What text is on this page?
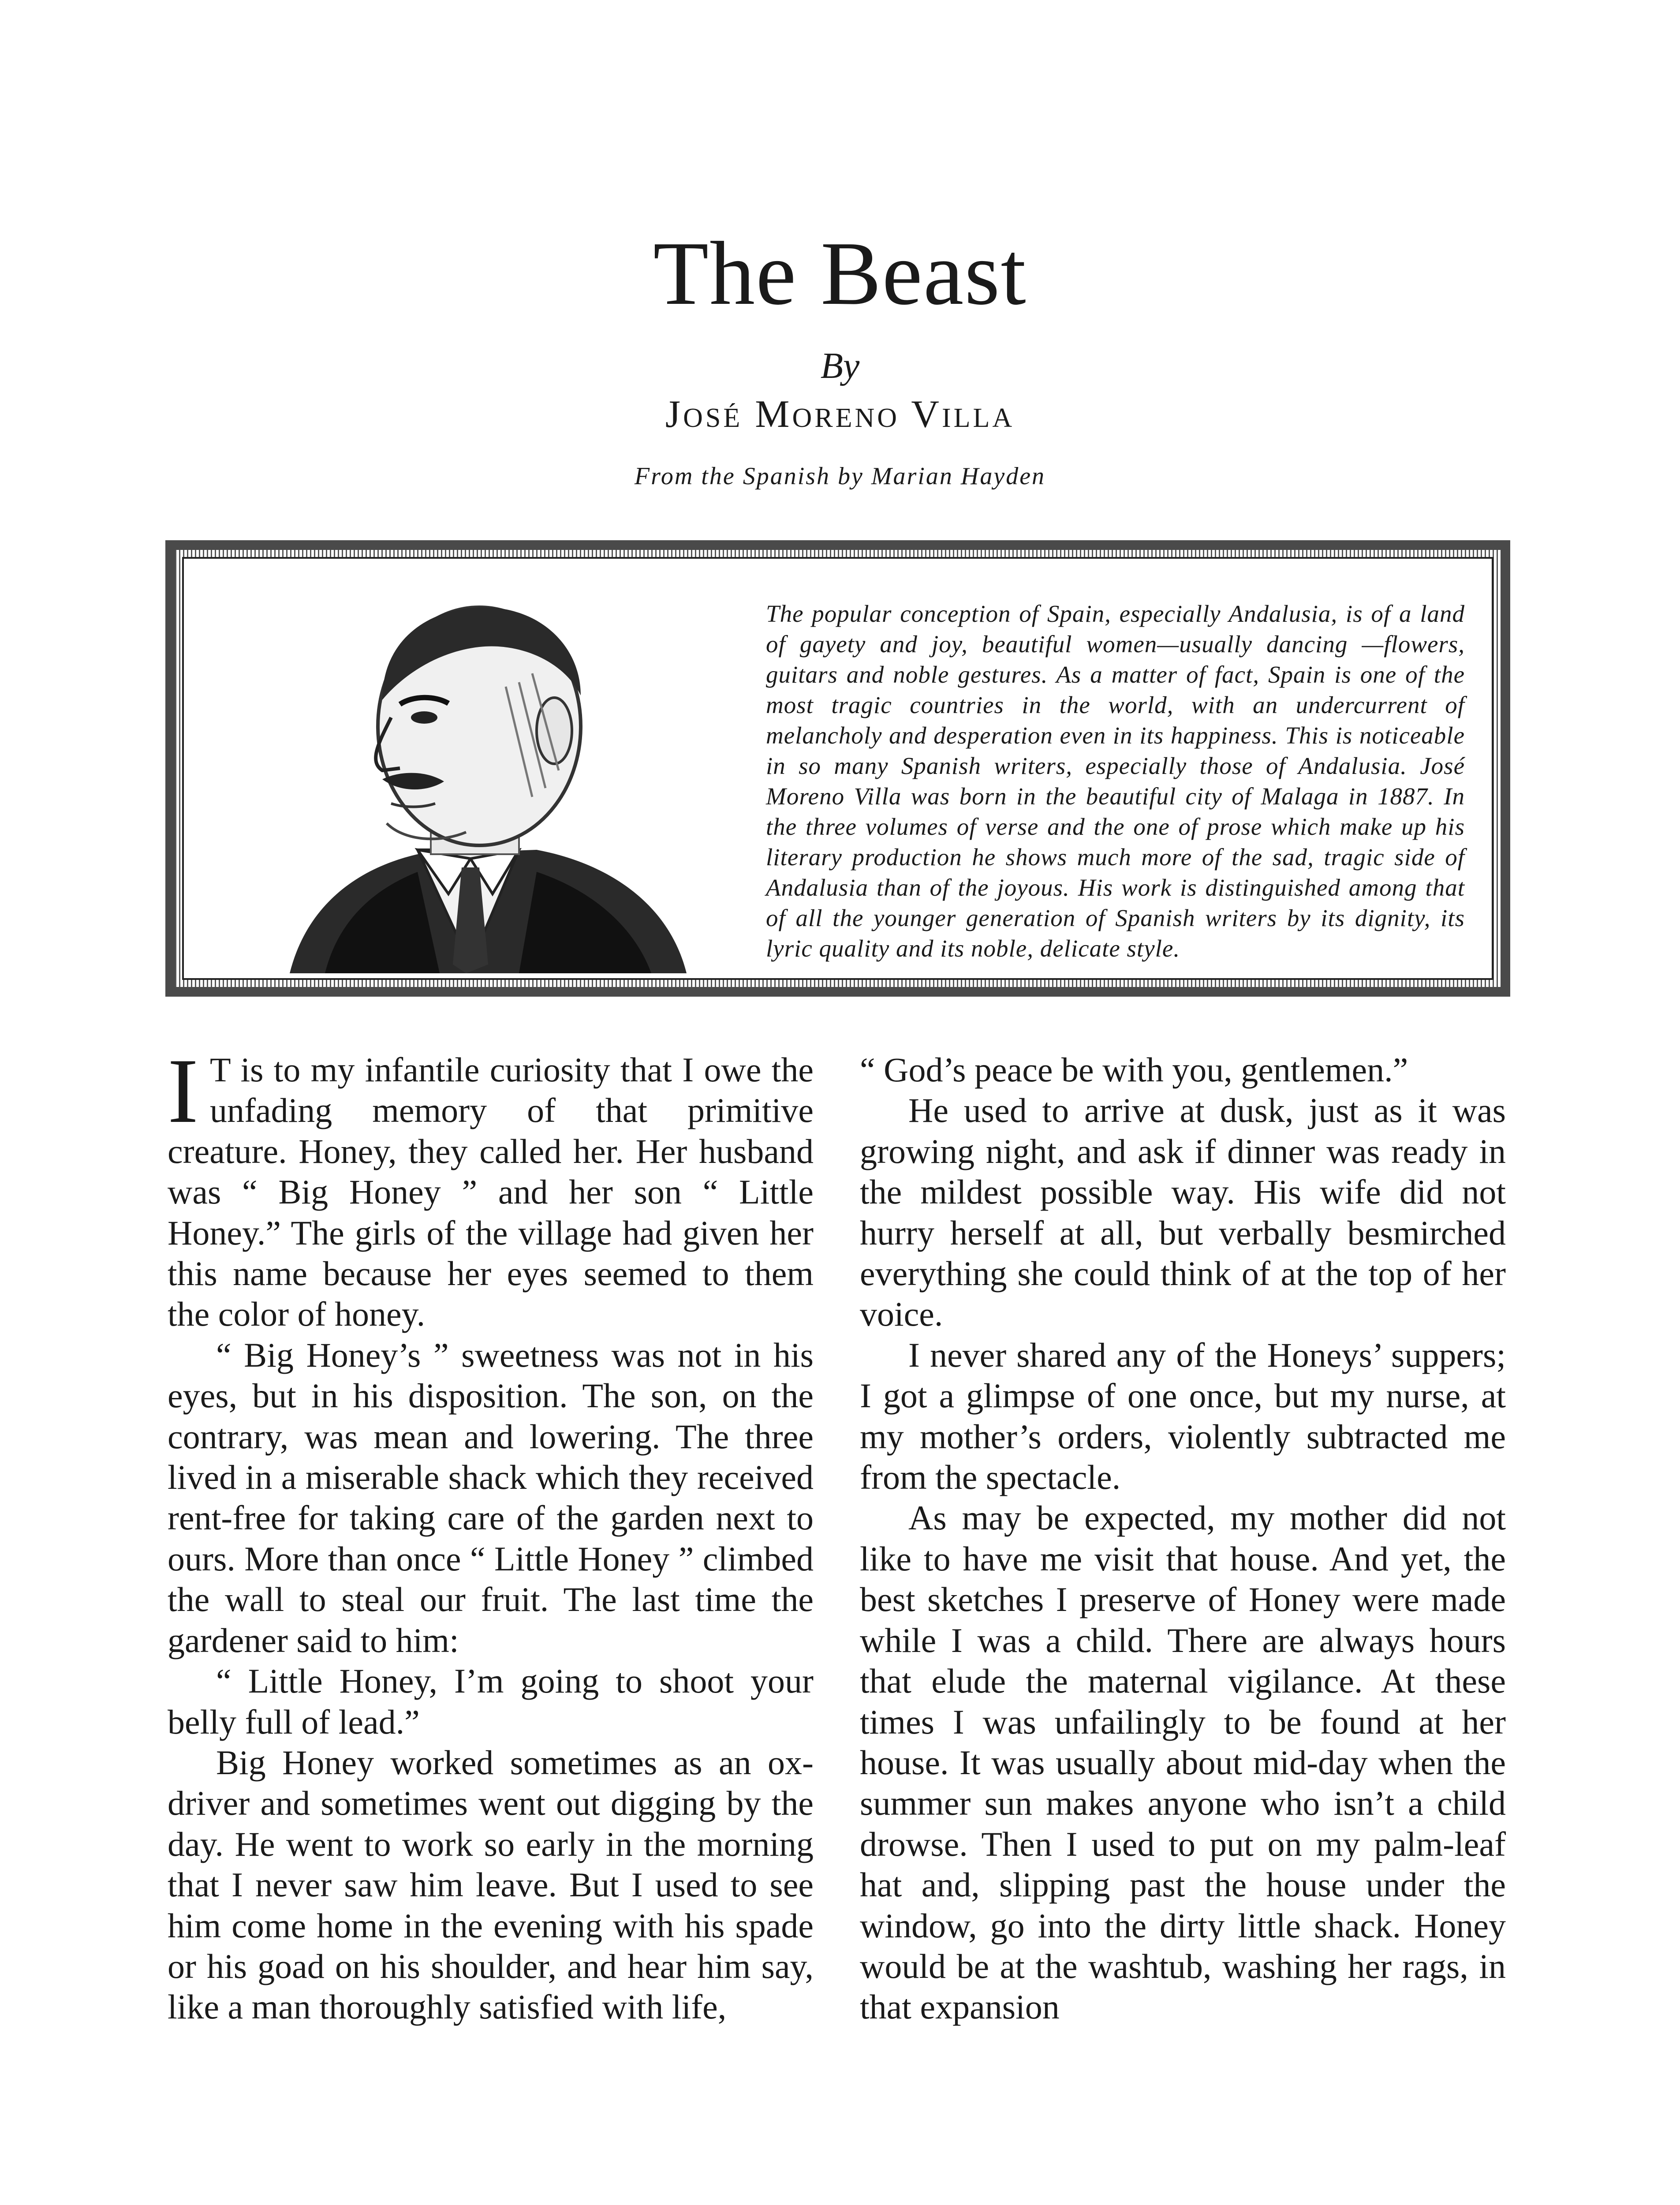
The Beast
By
José Moreno Villa
From the Spanish by Marian Hayden
The popular conception of Spain, especially Andalusia, is of a land of gayety and joy, beautiful women—usually dancing —flowers, guitars and noble gestures. As a matter of fact, Spain is one of the most tragic countries in the world, with an undercurrent of melancholy and desperation even in its happiness. This is noticeable in so many Spanish writers, especially those of Andalusia. José Moreno Villa was born in the beautiful city of Malaga in 1887. In the three volumes of verse and the one of prose which make up his literary production he shows much more of the sad, tragic side of Andalusia than of the joyous. His work is distinguished among that of all the younger generation of Spanish writers by its dignity, its lyric quality and its noble, delicate style.

I T is to my infantile curiosity that I owe the unfading memory of that primitive creature. Honey, they called her. Her husband was “ Big Honey ” and her son “ Little Honey.” The girls of the village had given her this name because her eyes seemed to them the color of honey.

“ Big Honey’s ” sweetness was not in his eyes, but in his disposition. The son, on the contrary, was mean and lowering. The three lived in a miserable shack which they received rent-free for taking care of the garden next to ours. More than once “ Little Honey ” climbed the wall to steal our fruit. The last time the gardener said to him:

“ Little Honey, I’m going to shoot your belly full of lead.”

Big Honey worked sometimes as an ox-driver and sometimes went out digging by the day. He went to work so early in the morning that I never saw him leave. But I used to see him come home in the evening with his spade or his goad on his shoulder, and hear him say, like a man thoroughly satisfied with life,

“ God’s peace be with you, gentlemen.”

He used to arrive at dusk, just as it was growing night, and ask if dinner was ready in the mildest possible way. His wife did not hurry herself at all, but verbally besmirched everything she could think of at the top of her voice.

I never shared any of the Honeys’ suppers; I got a glimpse of one once, but my nurse, at my mother’s orders, violently subtracted me from the spectacle.

As may be expected, my mother did not like to have me visit that house. And yet, the best sketches I preserve of Honey were made while I was a child. There are always hours that elude the maternal vigilance. At these times I was unfailingly to be found at her house. It was usually about mid-day when the summer sun makes anyone who isn’t a child drowse. Then I used to put on my palm-leaf hat and, slipping past the house under the window, go into the dirty little shack. Honey would be at the washtub, washing her rags, in that expansion
